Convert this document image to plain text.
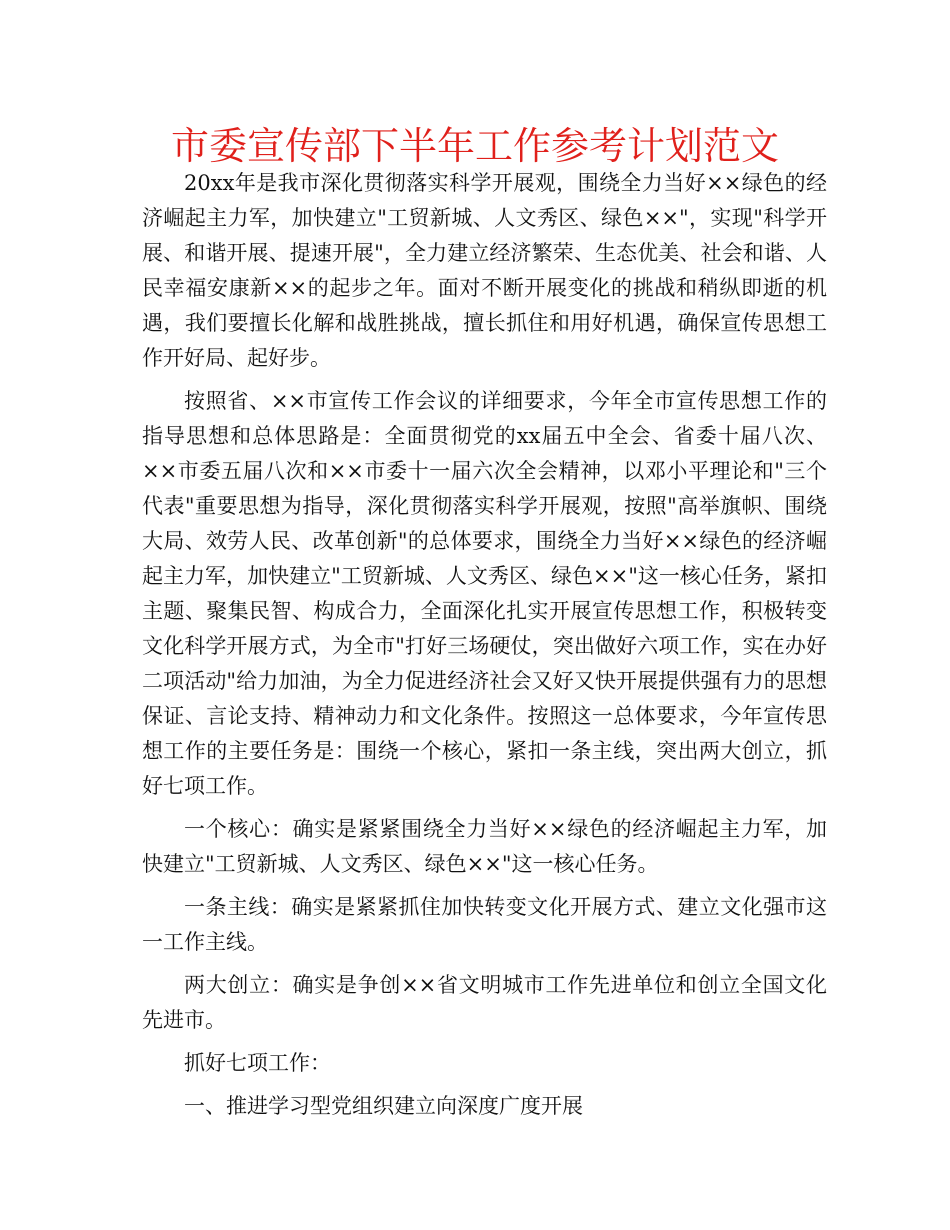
市委宣传部下半年工作参考计划范文

20xx年是我市深化贯彻落实科学开展观，围绕全力当好××绿色的经济崛起主力军，加快建立"工贸新城、人文秀区、绿色××"，实现"科学开展、和谐开展、提速开展"，全力建立经济繁荣、生态优美、社会和谐、人民幸福安康新××的起步之年。面对不断开展变化的挑战和稍纵即逝的机遇，我们要擅长化解和战胜挑战，擅长抓住和用好机遇，确保宣传思想工作开好局、起好步。

按照省、××市宣传工作会议的详细要求，今年全市宣传思想工作的指导思想和总体思路是：全面贯彻党的xx届五中全会、省委十届八次、××市委五届八次和××市委十一届六次全会精神，以邓小平理论和"三个代表"重要思想为指导，深化贯彻落实科学开展观，按照"高举旗帜、围绕大局、效劳人民、改革创新"的总体要求，围绕全力当好××绿色的经济崛起主力军，加快建立"工贸新城、人文秀区、绿色××"这一核心任务，紧扣主题、聚集民智、构成合力，全面深化扎实开展宣传思想工作，积极转变文化科学开展方式，为全市"打好三场硬仗，突出做好六项工作，实在办好二项活动"给力加油，为全力促进经济社会又好又快开展提供强有力的思想保证、言论支持、精神动力和文化条件。按照这一总体要求，今年宣传思想工作的主要任务是：围绕一个核心，紧扣一条主线，突出两大创立，抓好七项工作。

一个核心：确实是紧紧围绕全力当好××绿色的经济崛起主力军，加快建立"工贸新城、人文秀区、绿色××"这一核心任务。

一条主线：确实是紧紧抓住加快转变文化开展方式、建立文化强市这一工作主线。

两大创立：确实是争创××省文明城市工作先进单位和创立全国文化先进市。

抓好七项工作：

一、推进学习型党组织建立向深度广度开展
